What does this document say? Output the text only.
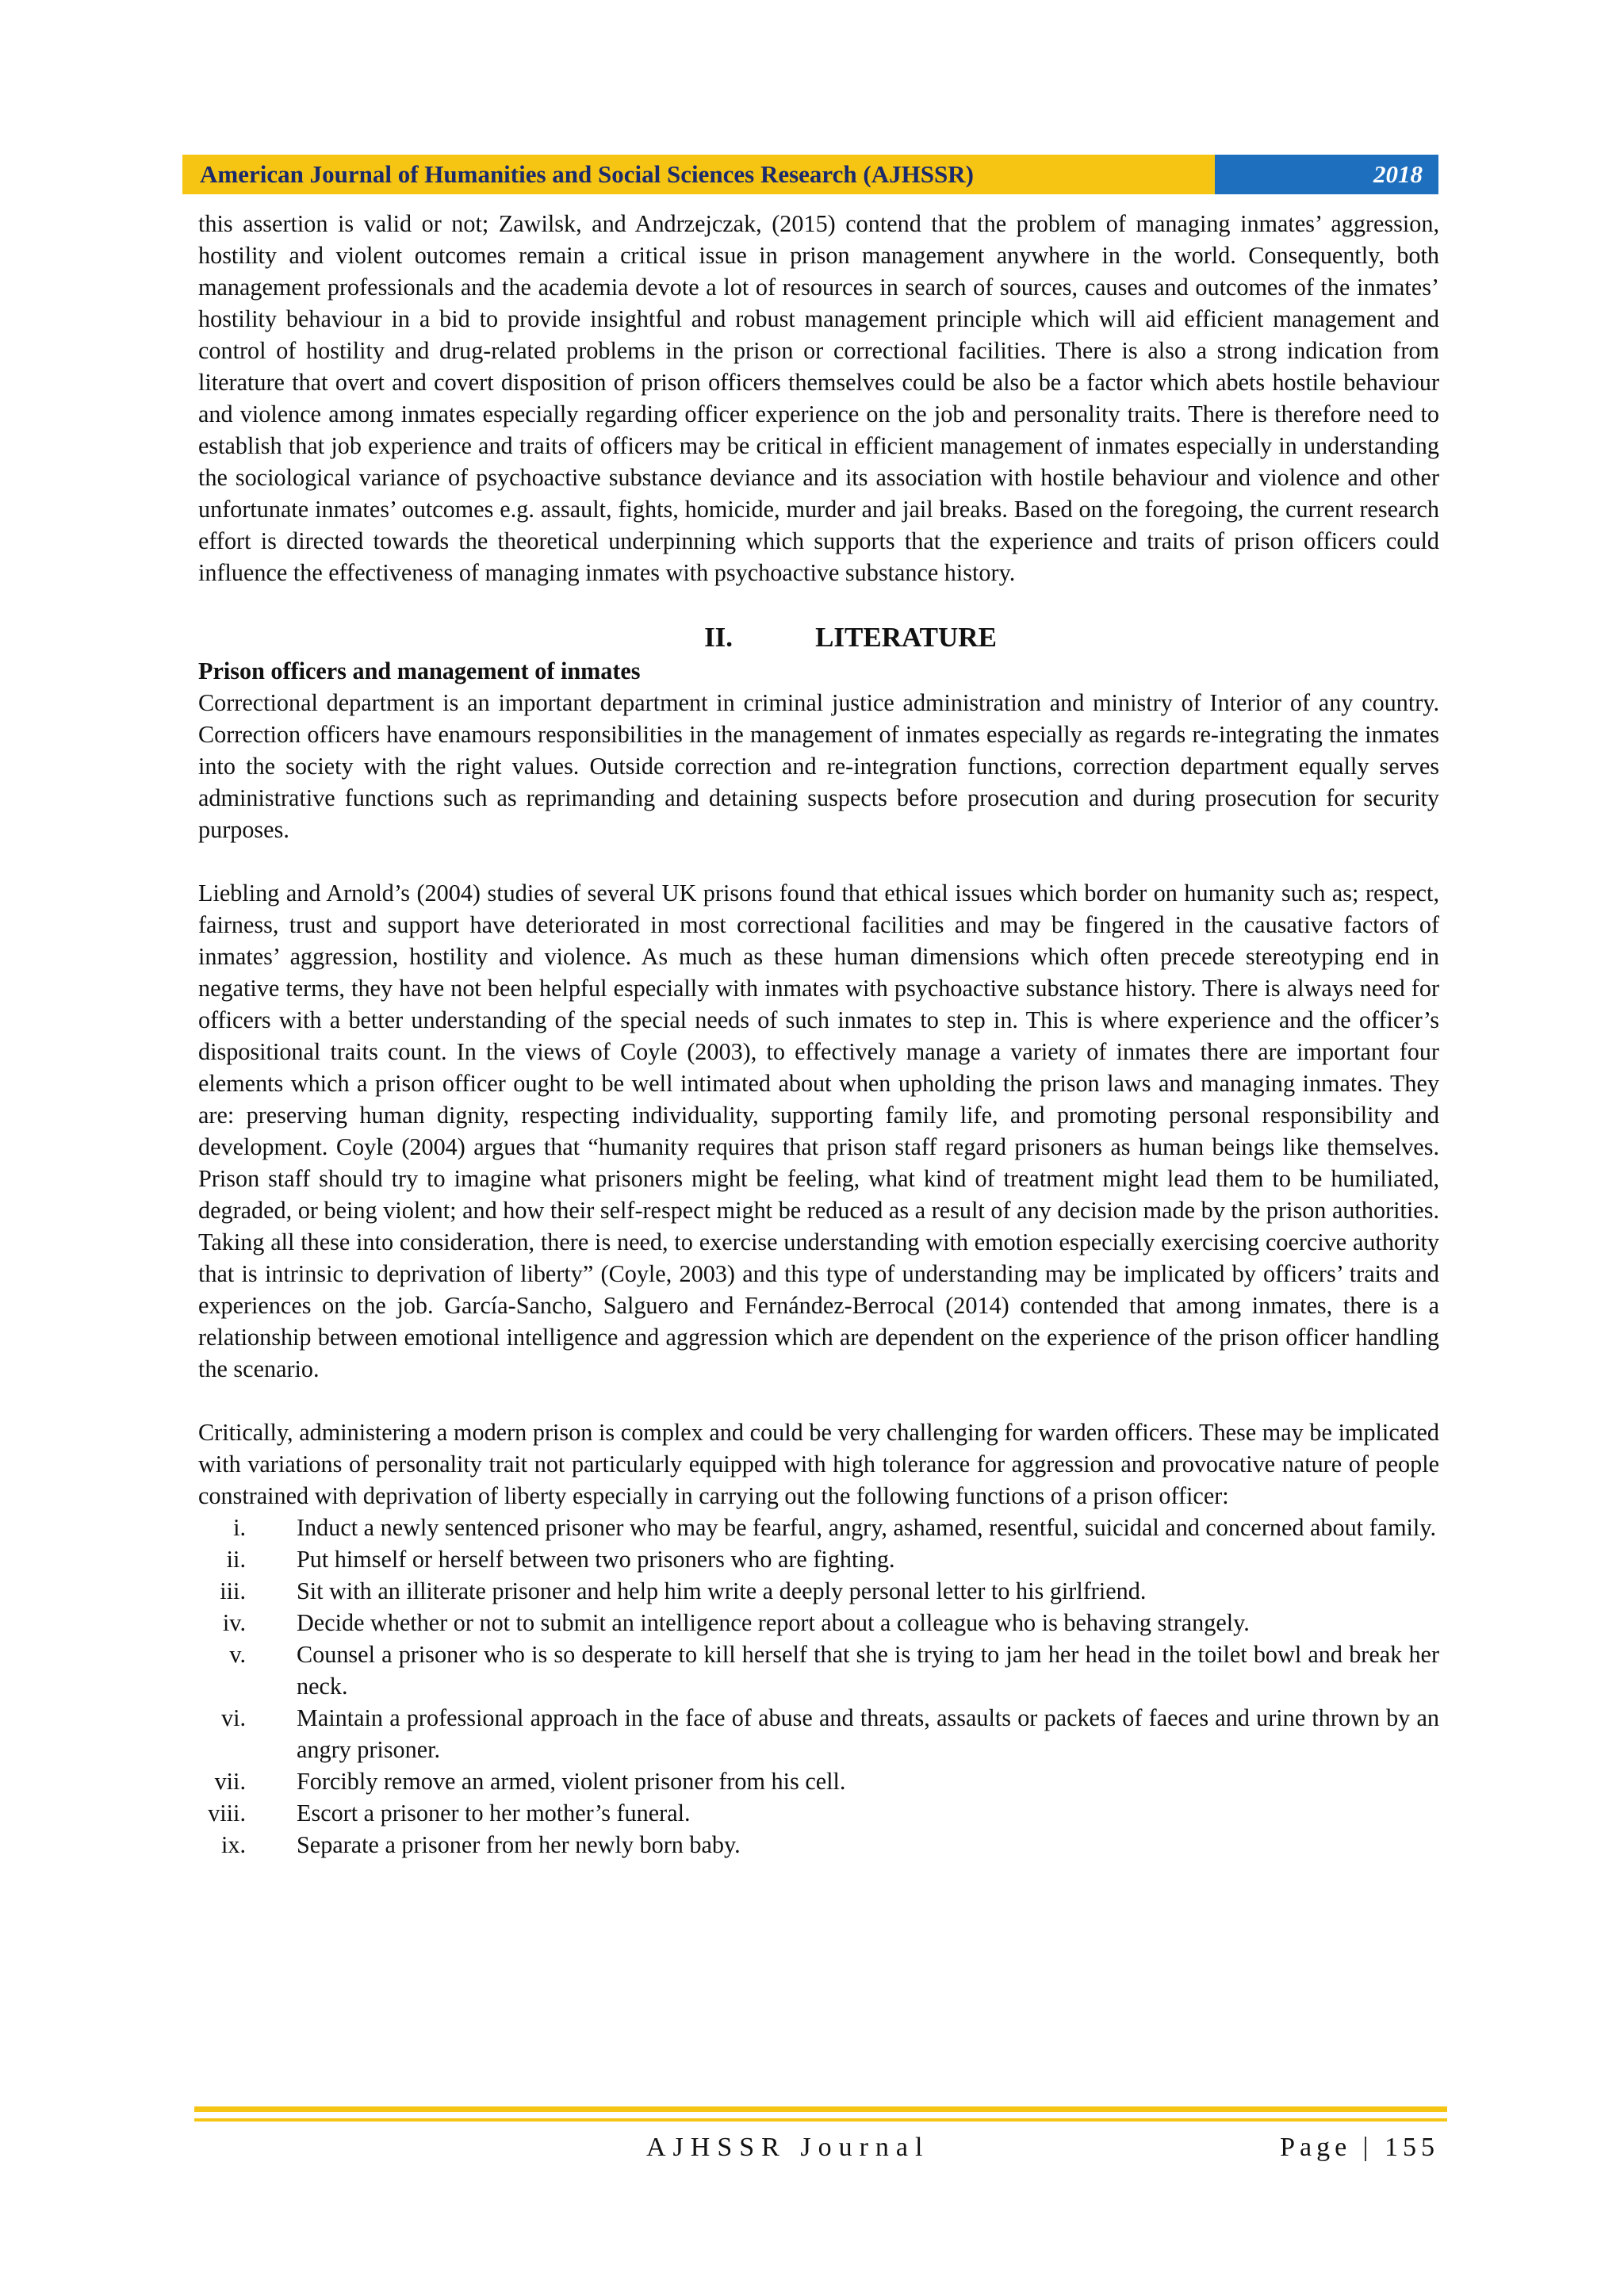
American Journal of Humanities and Social Sciences Research (AJHSSR)	2018

this assertion is valid or not; Zawilsk, and Andrzejczak, (2015) contend that the problem of managing inmates’ aggression, hostility and violent outcomes remain a critical issue in prison management anywhere in the world. Consequently, both management professionals and the academia devote a lot of resources in search of sources, causes and outcomes of the inmates’ hostility behaviour in a bid to provide insightful and robust management principle which will aid efficient management and control of hostility and drug-related problems in the prison or correctional facilities. There is also a strong indication from literature that overt and covert disposition of prison officers themselves could be also be a factor which abets hostile behaviour and violence among inmates especially regarding officer experience on the job and personality traits. There is therefore need to establish that job experience and traits of officers may be critical in efficient management of inmates especially in understanding the sociological variance of psychoactive substance deviance and its association with hostile behaviour and violence and other unfortunate inmates’ outcomes e.g. assault, fights, homicide, murder and jail breaks. Based on the foregoing, the current research effort is directed towards the theoretical underpinning which supports that the experience and traits of prison officers could influence the effectiveness of managing inmates with psychoactive substance history.

II.	LITERATURE
Prison officers and management of inmates

Correctional department is an important department in criminal justice administration and ministry of Interior of any country. Correction officers have enamours responsibilities in the management of inmates especially as regards re-integrating the inmates into the society with the right values. Outside correction and re-integration functions, correction department equally serves administrative functions such as reprimanding and detaining suspects before prosecution and during prosecution for security purposes.

Liebling and Arnold’s (2004) studies of several UK prisons found that ethical issues which border on humanity such as; respect, fairness, trust and support have deteriorated in most correctional facilities and may be fingered in the causative factors of inmates’ aggression, hostility and violence. As much as these human dimensions which often precede stereotyping end in negative terms, they have not been helpful especially with inmates with psychoactive substance history. There is always need for officers with a better understanding of the special needs of such inmates to step in. This is where experience and the officer’s dispositional traits count. In the views of Coyle (2003), to effectively manage a variety of inmates there are important four elements which a prison officer ought to be well intimated about when upholding the prison laws and managing inmates. They are: preserving human dignity, respecting individuality, supporting family life, and promoting personal responsibility and development. Coyle (2004) argues that “humanity requires that prison staff regard prisoners as human beings like themselves. Prison staff should try to imagine what prisoners might be feeling, what kind of treatment might lead them to be humiliated, degraded, or being violent; and how their self-respect might be reduced as a result of any decision made by the prison authorities. Taking all these into consideration, there is need, to exercise understanding with emotion especially exercising coercive authority that is intrinsic to deprivation of liberty” (Coyle, 2003) and this type of understanding may be implicated by officers’ traits and experiences on the job. García-Sancho, Salguero and Fernández-Berrocal (2014) contended that among inmates, there is a relationship between emotional intelligence and aggression which are dependent on the experience of the prison officer handling the scenario.

Critically, administering a modern prison is complex and could be very challenging for warden officers. These may be implicated with variations of personality trait not particularly equipped with high tolerance for aggression and provocative nature of people constrained with deprivation of liberty especially in carrying out the following functions of a prison officer:

i.	Induct a newly sentenced prisoner who may be fearful, angry, ashamed, resentful, suicidal and concerned about family.
ii.	Put himself or herself between two prisoners who are fighting.
iii.	Sit with an illiterate prisoner and help him write a deeply personal letter to his girlfriend.
iv.	Decide whether or not to submit an intelligence report about a colleague who is behaving strangely.
v.	Counsel a prisoner who is so desperate to kill herself that she is trying to jam her head in the toilet bowl and break her neck.
vi.	Maintain a professional approach in the face of abuse and threats, assaults or packets of faeces and urine thrown by an angry prisoner.
vii.	Forcibly remove an armed, violent prisoner from his cell.
viii.	Escort a prisoner to her mother’s funeral.
ix.	Separate a prisoner from her newly born baby.
AJHSSR Journal	Page | 155
